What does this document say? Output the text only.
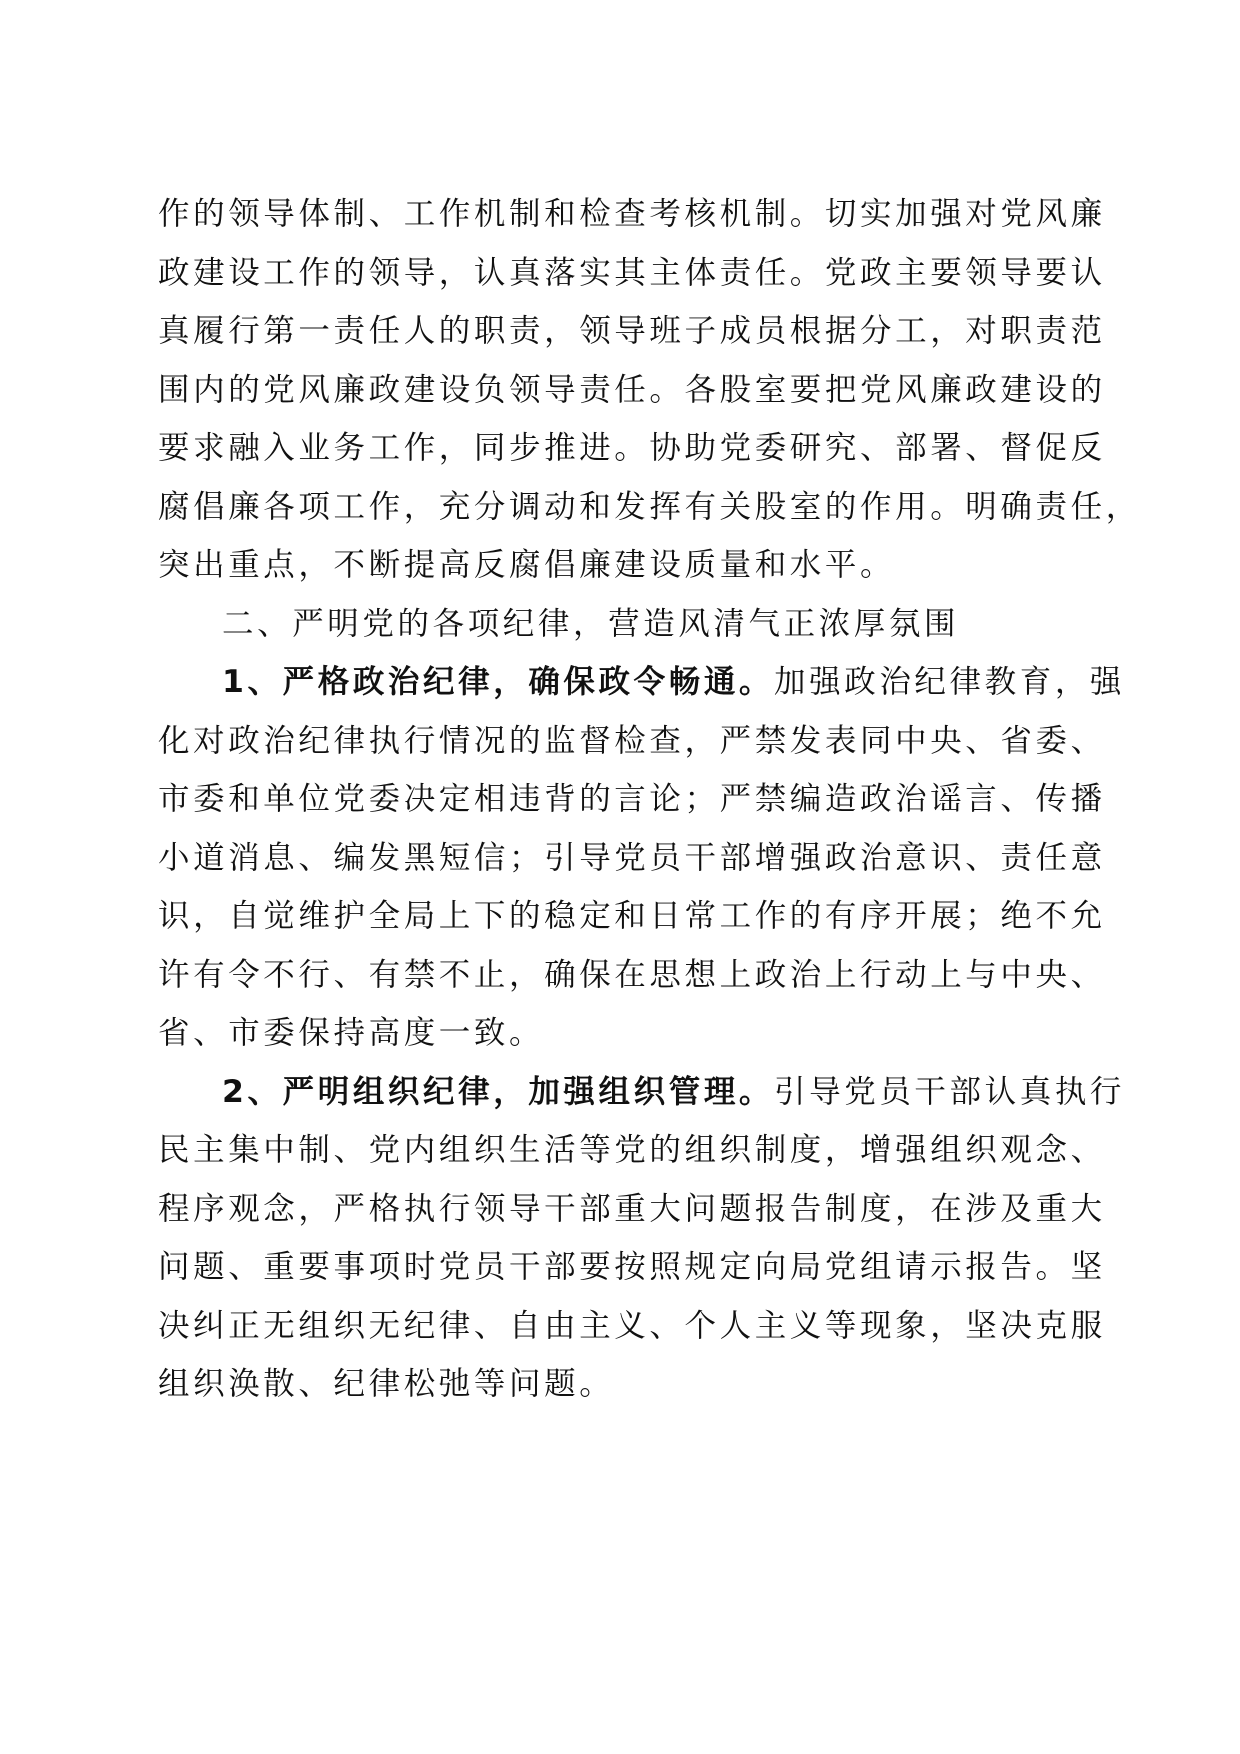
作的领导体制、工作机制和检查考核机制。切实加强对党风廉
政建设工作的领导，认真落实其主体责任。党政主要领导要认
真履行第一责任人的职责，领导班子成员根据分工，对职责范
围内的党风廉政建设负领导责任。各股室要把党风廉政建设的
要求融入业务工作，同步推进。协助党委研究、部署、督促反
腐倡廉各项工作，充分调动和发挥有关股室的作用。明确责任，
突出重点，不断提高反腐倡廉建设质量和水平。
二、严明党的各项纪律，营造风清气正浓厚氛围
1、严格政治纪律，确保政令畅通。加强政治纪律教育，强
化对政治纪律执行情况的监督检查，严禁发表同中央、省委、
市委和单位党委决定相违背的言论；严禁编造政治谣言、传播
小道消息、编发黑短信；引导党员干部增强政治意识、责任意
识，自觉维护全局上下的稳定和日常工作的有序开展；绝不允
许有令不行、有禁不止，确保在思想上政治上行动上与中央、
省、市委保持高度一致。
2、严明组织纪律，加强组织管理。引导党员干部认真执行
民主集中制、党内组织生活等党的组织制度，增强组织观念、
程序观念，严格执行领导干部重大问题报告制度，在涉及重大
问题、重要事项时党员干部要按照规定向局党组请示报告。坚
决纠正无组织无纪律、自由主义、个人主义等现象，坚决克服
组织涣散、纪律松弛等问题。
